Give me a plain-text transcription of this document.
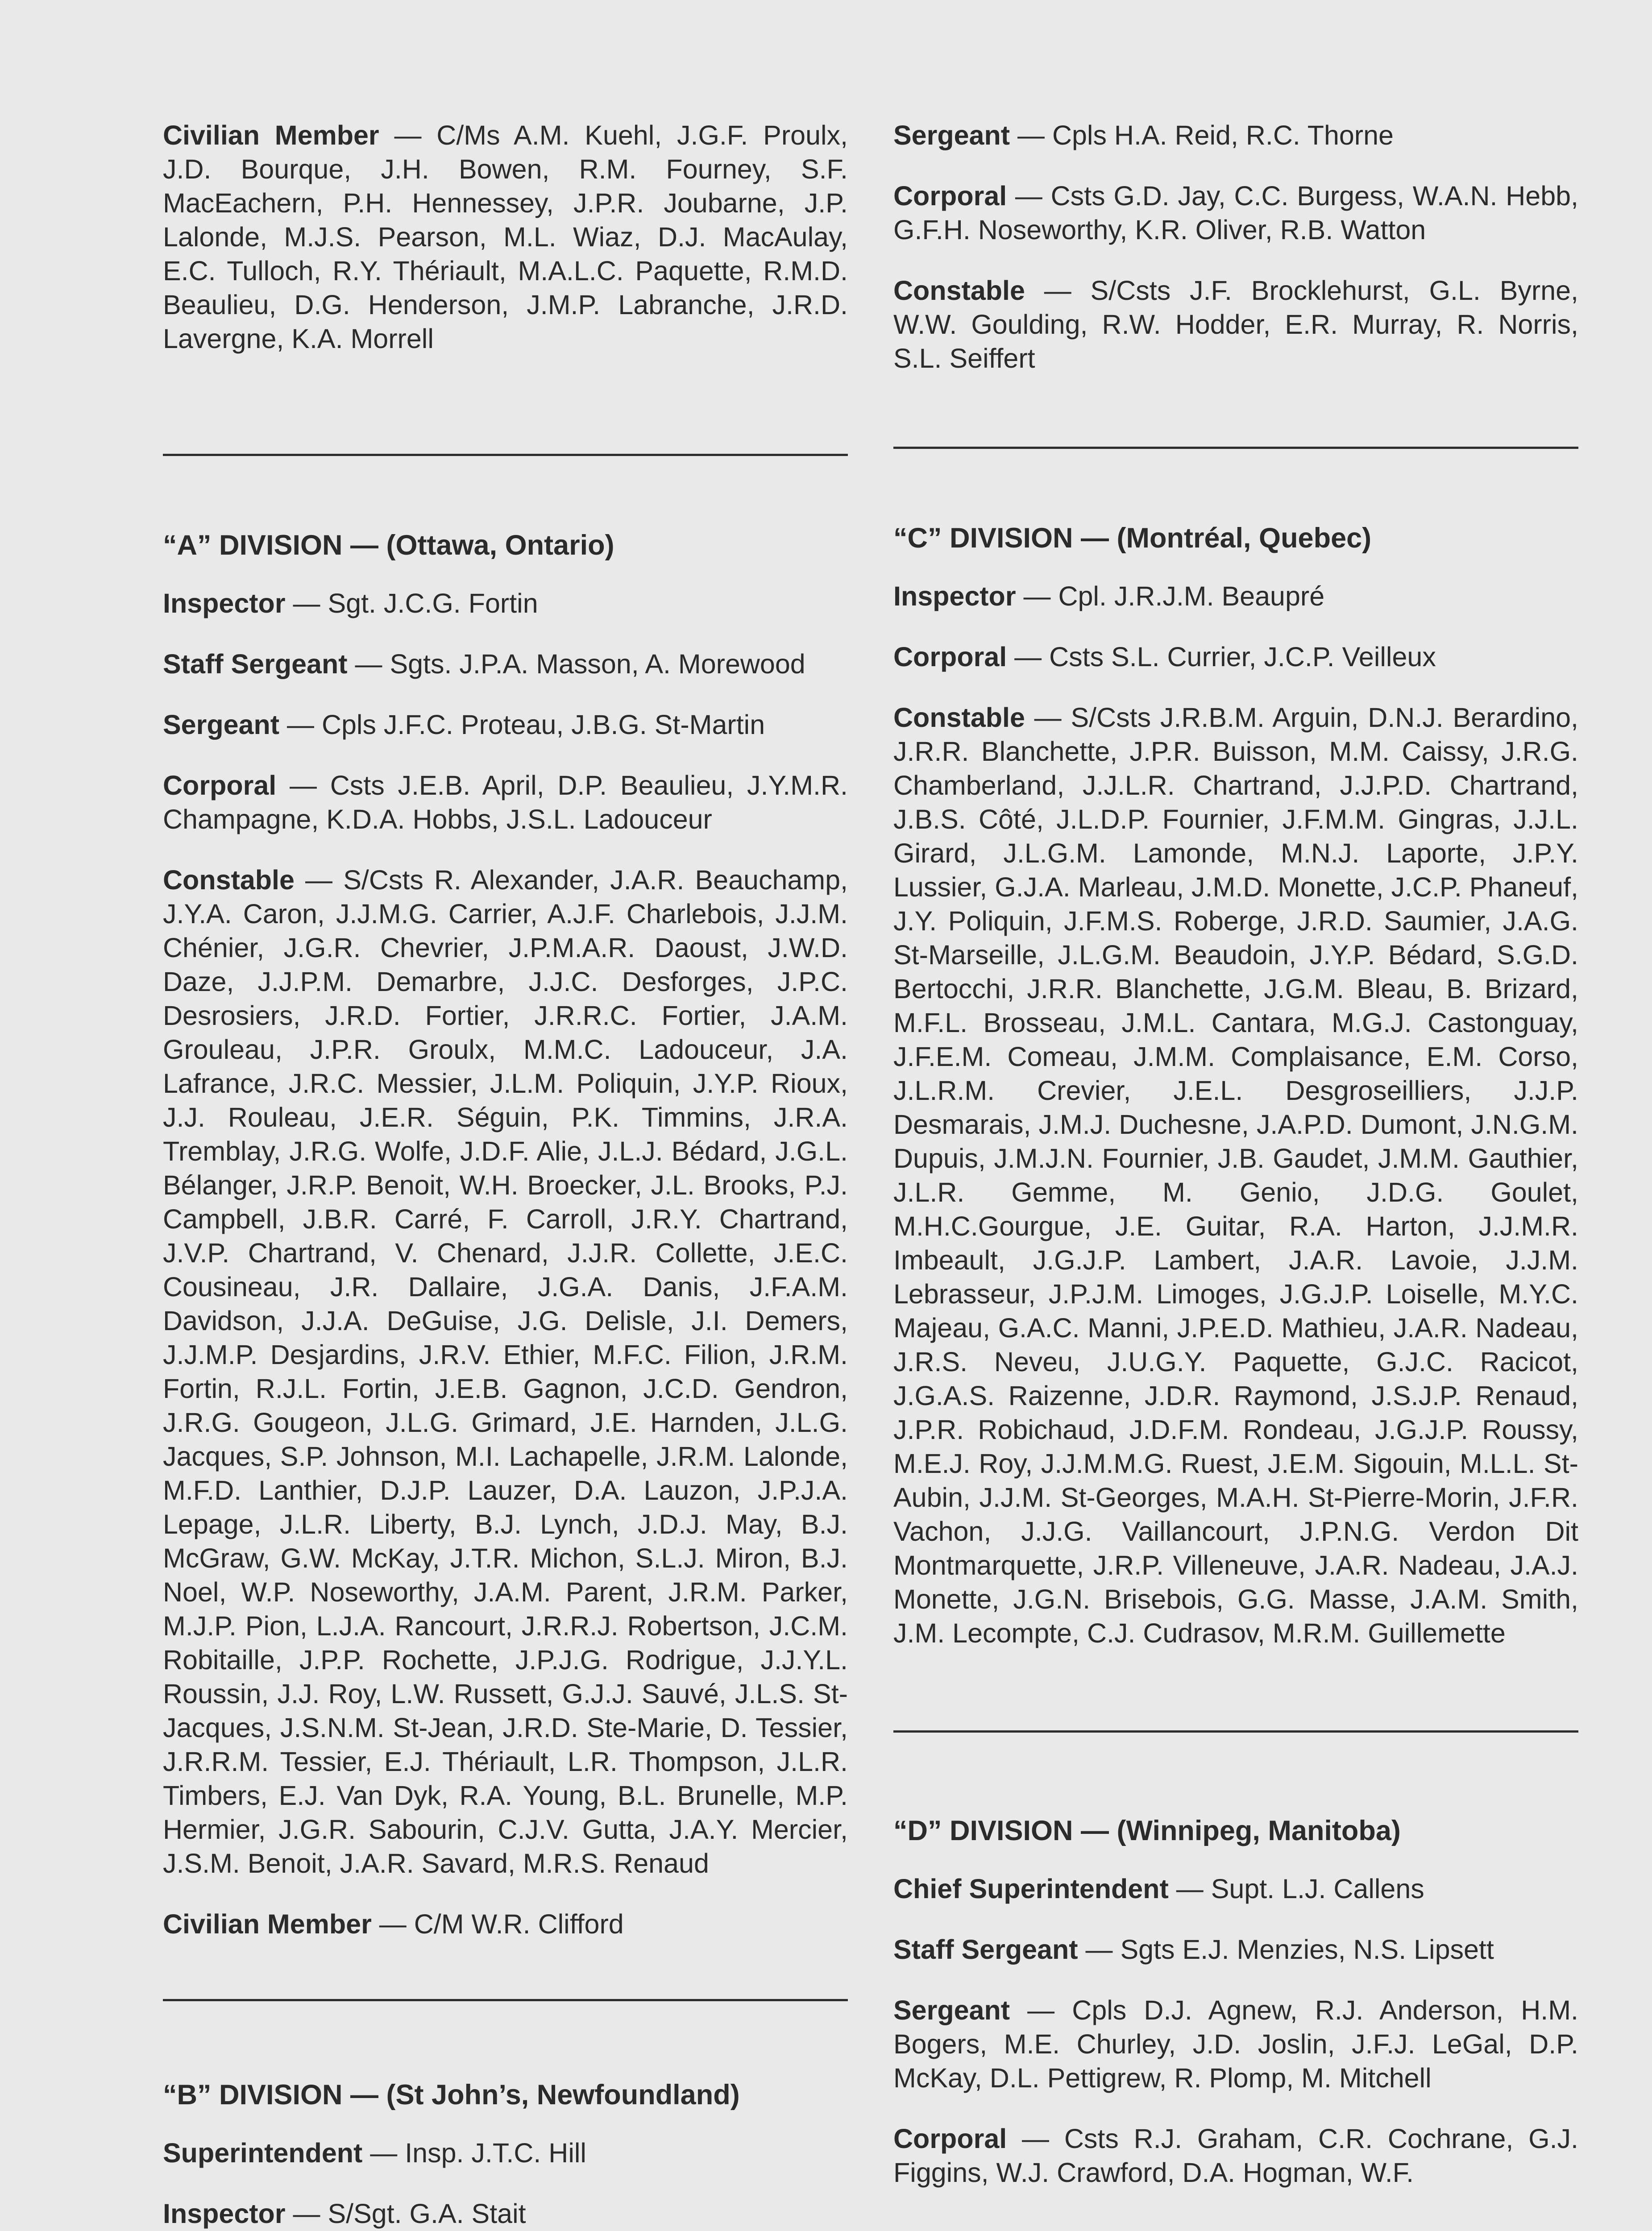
Civilian Member — C/Ms A.M. Kuehl, J.G.F. Proulx, J.D. Bourque, J.H. Bowen, R.M. Fourney, S.F. MacEachern, P.H. Hennessey, J.P.R. Joubarne, J.P. Lalonde, M.J.S. Pearson, M.L. Wiaz, D.J. MacAulay, E.C. Tulloch, R.Y. Thériault, M.A.L.C. Paquette, R.M.D. Beaulieu, D.G. Henderson, J.M.P. Labranche, J.R.D. Lavergne, K.A. Morrell

“A” DIVISION — (Ottawa, Ontario)

Inspector — Sgt. J.C.G. Fortin

Staff Sergeant — Sgts. J.P.A. Masson, A. Morewood

Sergeant — Cpls J.F.C. Proteau, J.B.G. St-Martin

Corporal — Csts J.E.B. April, D.P. Beaulieu, J.Y.M.R. Champagne, K.D.A. Hobbs, J.S.L. Ladouceur

Constable — S/Csts R. Alexander, J.A.R. Beauchamp, J.Y.A. Caron, J.J.M.G. Carrier, A.J.F. Charlebois, J.J.M. Chénier, J.G.R. Chevrier, J.P.M.A.R. Daoust, J.W.D. Daze, J.J.P.M. Demarbre, J.J.C. Desforges, J.P.C. Desrosiers, J.R.D. Fortier, J.R.R.C. Fortier, J.A.M. Grouleau, J.P.R. Groulx, M.M.C. Ladouceur, J.A. Lafrance, J.R.C. Messier, J.L.M. Poliquin, J.Y.P. Rioux, J.J. Rouleau, J.E.R. Séguin, P.K. Timmins, J.R.A. Tremblay, J.R.G. Wolfe, J.D.F. Alie, J.L.J. Bédard, J.G.L. Bélanger, J.R.P. Benoit, W.H. Broecker, J.L. Brooks, P.J. Campbell, J.B.R. Carré, F. Carroll, J.R.Y. Chartrand, J.V.P. Chartrand, V. Chenard, J.J.R. Collette, J.E.C. Cousineau, J.R. Dallaire, J.G.A. Danis, J.F.A.M. Davidson, J.J.A. DeGuise, J.G. Delisle, J.I. Demers, J.J.M.P. Desjardins, J.R.V. Ethier, M.F.C. Filion, J.R.M. Fortin, R.J.L. Fortin, J.E.B. Gagnon, J.C.D. Gendron, J.R.G. Gougeon, J.L.G. Grimard, J.E. Harnden, J.L.G. Jacques, S.P. Johnson, M.I. Lachapelle, J.R.M. Lalonde, M.F.D. Lanthier, D.J.P. Lauzer, D.A. Lauzon, J.P.J.A. Lepage, J.L.R. Liberty, B.J. Lynch, J.D.J. May, B.J. McGraw, G.W. McKay, J.T.R. Michon, S.L.J. Miron, B.J. Noel, W.P. Noseworthy, J.A.M. Parent, J.R.M. Parker, M.J.P. Pion, L.J.A. Rancourt, J.R.R.J. Robertson, J.C.M. Robitaille, J.P.P. Rochette, J.P.J.G. Rodrigue, J.J.Y.L. Roussin, J.J. Roy, L.W. Russett, G.J.J. Sauvé, J.L.S. St-Jacques, J.S.N.M. St-Jean, J.R.D. Ste-Marie, D. Tessier, J.R.R.M. Tessier, E.J. Thériault, L.R. Thompson, J.L.R. Timbers, E.J. Van Dyk, R.A. Young, B.L. Brunelle, M.P. Hermier, J.G.R. Sabourin, C.J.V. Gutta, J.A.Y. Mercier, J.S.M. Benoit, J.A.R. Savard, M.R.S. Renaud

Civilian Member — C/M W.R. Clifford

“B” DIVISION — (St John’s, Newfoundland)

Superintendent — Insp. J.T.C. Hill

Inspector — S/Sgt. G.A. Stait

Sergeant — Cpls H.A. Reid, R.C. Thorne

Corporal — Csts G.D. Jay, C.C. Burgess, W.A.N. Hebb, G.F.H. Noseworthy, K.R. Oliver, R.B. Watton

Constable — S/Csts J.F. Brocklehurst, G.L. Byrne, W.W. Goulding, R.W. Hodder, E.R. Murray, R. Norris, S.L. Seiffert

“C” DIVISION — (Montréal, Quebec)

Inspector — Cpl. J.R.J.M. Beaupré

Corporal — Csts S.L. Currier, J.C.P. Veilleux

Constable — S/Csts J.R.B.M. Arguin, D.N.J. Berardino, J.R.R. Blanchette, J.P.R. Buisson, M.M. Caissy, J.R.G. Chamberland, J.J.L.R. Chartrand, J.J.P.D. Chartrand, J.B.S. Côté, J.L.D.P. Fournier, J.F.M.M. Gingras, J.J.L. Girard, J.L.G.M. Lamonde, M.N.J. Laporte, J.P.Y. Lussier, G.J.A. Marleau, J.M.D. Monette, J.C.P. Phaneuf, J.Y. Poliquin, J.F.M.S. Roberge, J.R.D. Saumier, J.A.G. St-Marseille, J.L.G.M. Beaudoin, J.Y.P. Bédard, S.G.D. Bertocchi, J.R.R. Blanchette, J.G.M. Bleau, B. Brizard, M.F.L. Brosseau, J.M.L. Cantara, M.G.J. Castonguay, J.F.E.M. Comeau, J.M.M. Complaisance, E.M. Corso, J.L.R.M. Crevier, J.E.L. Desgroseilliers, J.J.P. Desmarais, J.M.J. Duchesne, J.A.P.D. Dumont, J.N.G.M. Dupuis, J.M.J.N. Fournier, J.B. Gaudet, J.M.M. Gauthier, J.L.R. Gemme, M. Genio, J.D.G. Goulet, M.H.C.Gourgue, J.E. Guitar, R.A. Harton, J.J.M.R. Imbeault, J.G.J.P. Lambert, J.A.R. Lavoie, J.J.M. Lebrasseur, J.P.J.M. Limoges, J.G.J.P. Loiselle, M.Y.C. Majeau, G.A.C. Manni, J.P.E.D. Mathieu, J.A.R. Nadeau, J.R.S. Neveu, J.U.G.Y. Paquette, G.J.C. Racicot, J.G.A.S. Raizenne, J.D.R. Raymond, J.S.J.P. Renaud, J.P.R. Robichaud, J.D.F.M. Rondeau, J.G.J.P. Roussy, M.E.J. Roy, J.J.M.M.G. Ruest, J.E.M. Sigouin, M.L.L. St-Aubin, J.J.M. St-Georges, M.A.H. St-Pierre-Morin, J.F.R. Vachon, J.J.G. Vaillancourt, J.P.N.G. Verdon Dit Montmarquette, J.R.P. Villeneuve, J.A.R. Nadeau, J.A.J. Monette, J.G.N. Brisebois, G.G. Masse, J.A.M. Smith, J.M. Lecompte, C.J. Cudrasov, M.R.M. Guillemette

“D” DIVISION — (Winnipeg, Manitoba)

Chief Superintendent — Supt. L.J. Callens

Staff Sergeant — Sgts E.J. Menzies, N.S. Lipsett

Sergeant — Cpls D.J. Agnew, R.J. Anderson, H.M. Bogers, M.E. Churley, J.D. Joslin, J.F.J. LeGal, D.P. McKay, D.L. Pettigrew, R. Plomp, M. Mitchell

Corporal — Csts R.J. Graham, C.R. Cochrane, G.J. Figgins, W.J. Crawford, D.A. Hogman, W.F.
